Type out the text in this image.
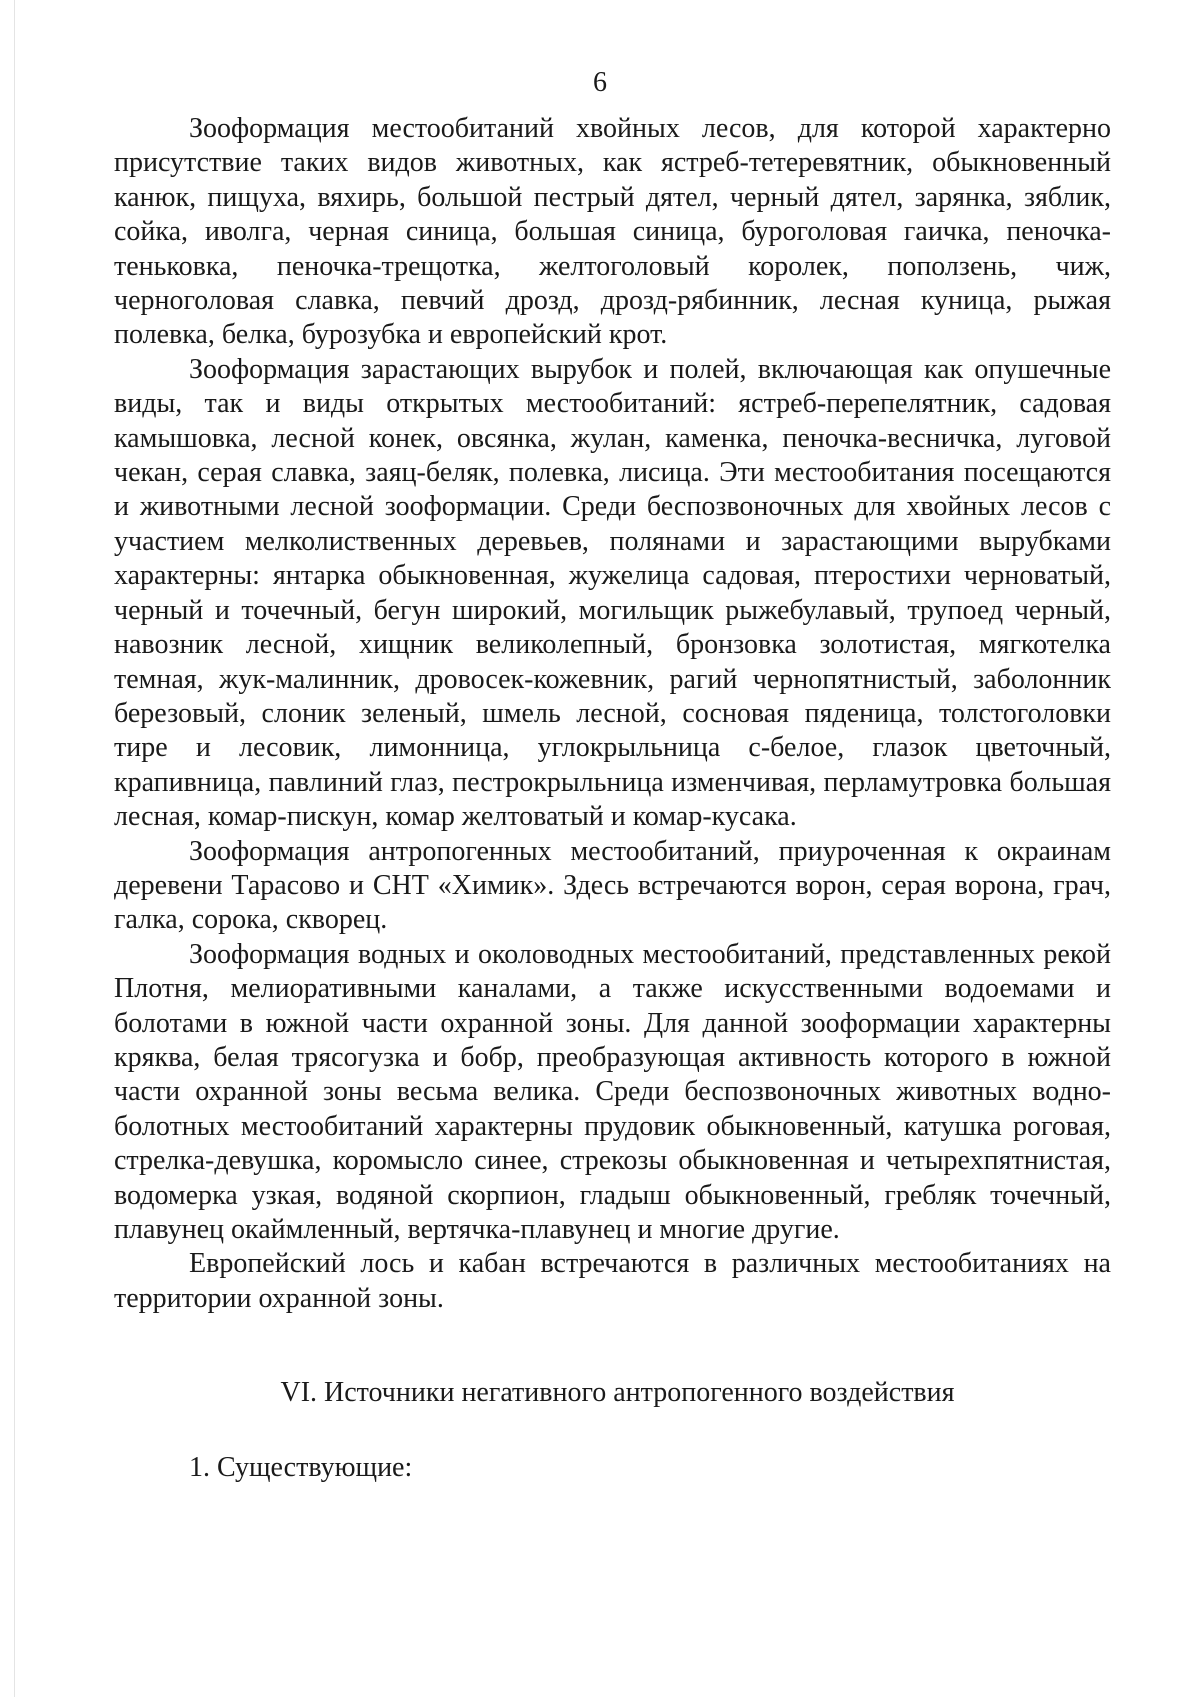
6

Зооформация местообитаний хвойных лесов, для которой характерно присутствие таких видов животных, как ястреб-тетеревятник, обыкновенный канюк, пищуха, вяхирь, большой пестрый дятел, черный дятел, зарянка, зяблик, сойка, иволга, черная синица, большая синица, буроголовая гаичка, пеночка-теньковка, пеночка-трещотка, желтоголовый королек, поползень, чиж, черноголовая славка, певчий дрозд, дрозд-рябинник, лесная куница, рыжая полевка, белка, бурозубка и европейский крот.

Зооформация зарастающих вырубок и полей, включающая как опушечные виды, так и виды открытых местообитаний: ястреб-перепелятник, садовая камышовка, лесной конек, овсянка, жулан, каменка, пеночка-весничка, луговой чекан, серая славка, заяц-беляк, полевка, лисица. Эти местообитания посещаются и животными лесной зооформации. Среди беспозвоночных для хвойных лесов с участием мелколиственных деревьев, полянами и зарастающими вырубками характерны: янтарка обыкновенная, жужелица садовая, птеростихи черноватый, черный и точечный, бегун широкий, могильщик рыжебулавый, трупоед черный, навозник лесной, хищник великолепный, бронзовка золотистая, мягкотелка темная, жук-малинник, дровосек-кожевник, рагий чернопятнистый, заболонник березовый, слоник зеленый, шмель лесной, сосновая пяденица, толстоголовки тире и лесовик, лимонница, углокрыльница с-белое, глазок цветочный, крапивница, павлиний глаз, пестрокрыльница изменчивая, перламутровка большая лесная, комар-пискун, комар желтоватый и комар-кусака.

Зооформация антропогенных местообитаний, приуроченная к окраинам деревени Тарасово и СНТ «Химик». Здесь встречаются ворон, серая ворона, грач, галка, сорока, скворец.

Зооформация водных и околоводных местообитаний, представленных рекой Плотня, мелиоративными каналами, а также искусственными водоемами и болотами в южной части охранной зоны. Для данной зооформации характерны кряква, белая трясогузка и бобр, преобразующая активность которого в южной части охранной зоны весьма велика. Среди беспозвоночных животных водно-болотных местообитаний характерны прудовик обыкновенный, катушка роговая, стрелка-девушка, коромысло синее, стрекозы обыкновенная и четырехпятнистая, водомерка узкая, водяной скорпион, гладыш обыкновенный, гребляк точечный, плавунец окаймленный, вертячка-плавунец и многие другие.

Европейский лось и кабан встречаются в различных местообитаниях на территории охранной зоны.

VI. Источники негативного антропогенного воздействия

1. Существующие:
